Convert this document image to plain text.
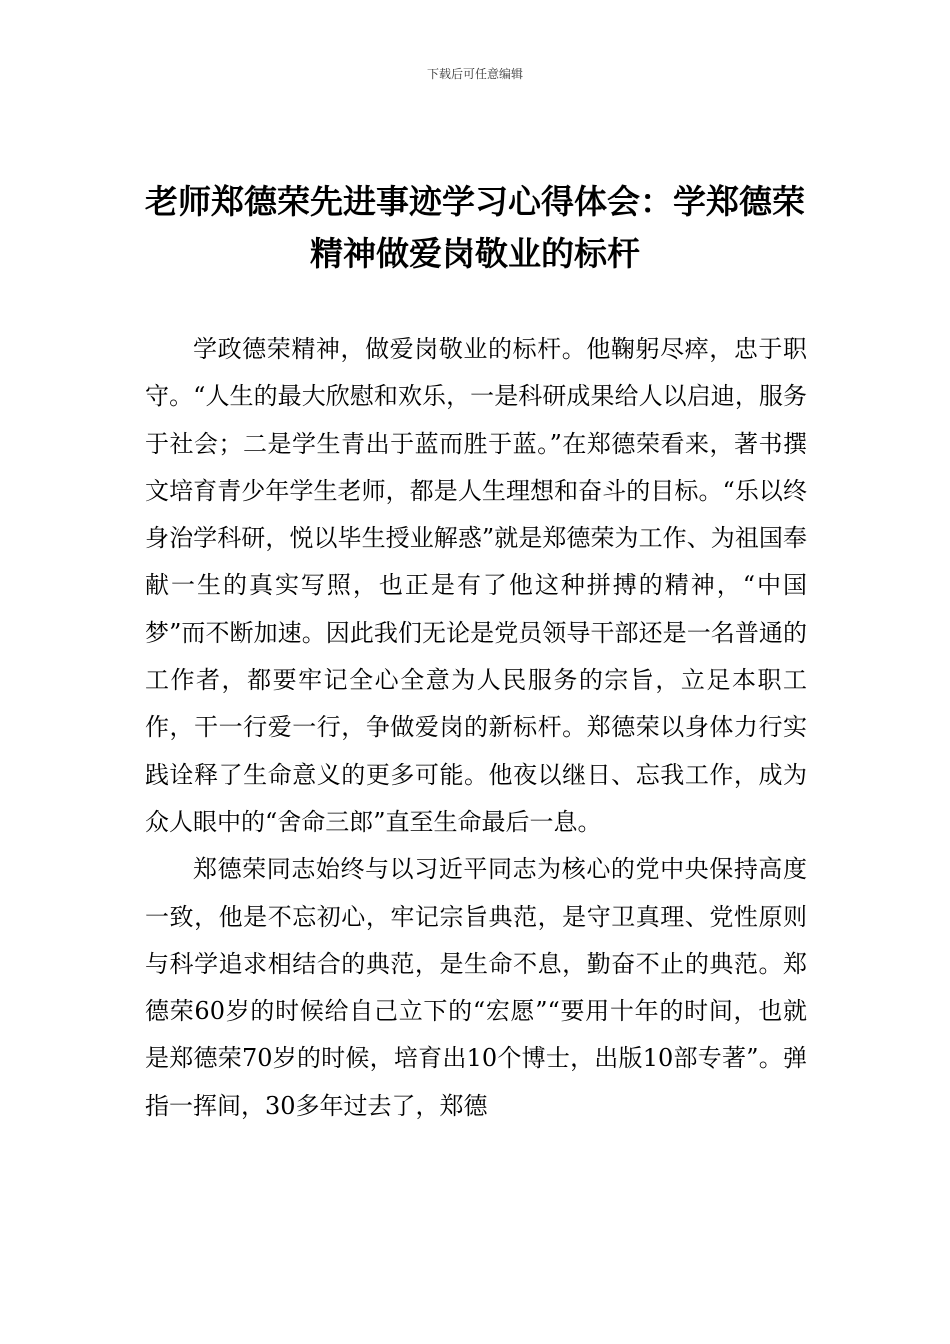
下载后可任意编辑
老师郑德荣先进事迹学习心得体会：学郑德荣精神做爱岗敬业的标杆

学政德荣精神，做爱岗敬业的标杆。他鞠躬尽瘁，忠于职守。“人生的最大欣慰和欢乐，一是科研成果给人以启迪，服务于社会；二是学生青出于蓝而胜于蓝。”在郑德荣看来，著书撰文培育青少年学生老师，都是人生理想和奋斗的目标。“乐以终身治学科研，悦以毕生授业解惑”就是郑德荣为工作、为祖国奉献一生的真实写照，也正是有了他这种拼搏的精神，“中国梦”而不断加速。因此我们无论是党员领导干部还是一名普通的工作者，都要牢记全心全意为人民服务的宗旨，立足本职工作，干一行爱一行，争做爱岗的新标杆。郑德荣以身体力行实践诠释了生命意义的更多可能。他夜以继日、忘我工作，成为众人眼中的“舍命三郎”直至生命最后一息。

郑德荣同志始终与以习近平同志为核心的党中央保持高度一致，他是不忘初心，牢记宗旨典范，是守卫真理、党性原则与科学追求相结合的典范，是生命不息，勤奋不止的典范。郑德荣60岁的时候给自己立下的“宏愿”“要用十年的时间，也就是郑德荣70岁的时候，培育出10个博士，出版10部专著”。弹指一挥间，30多年过去了，郑德
